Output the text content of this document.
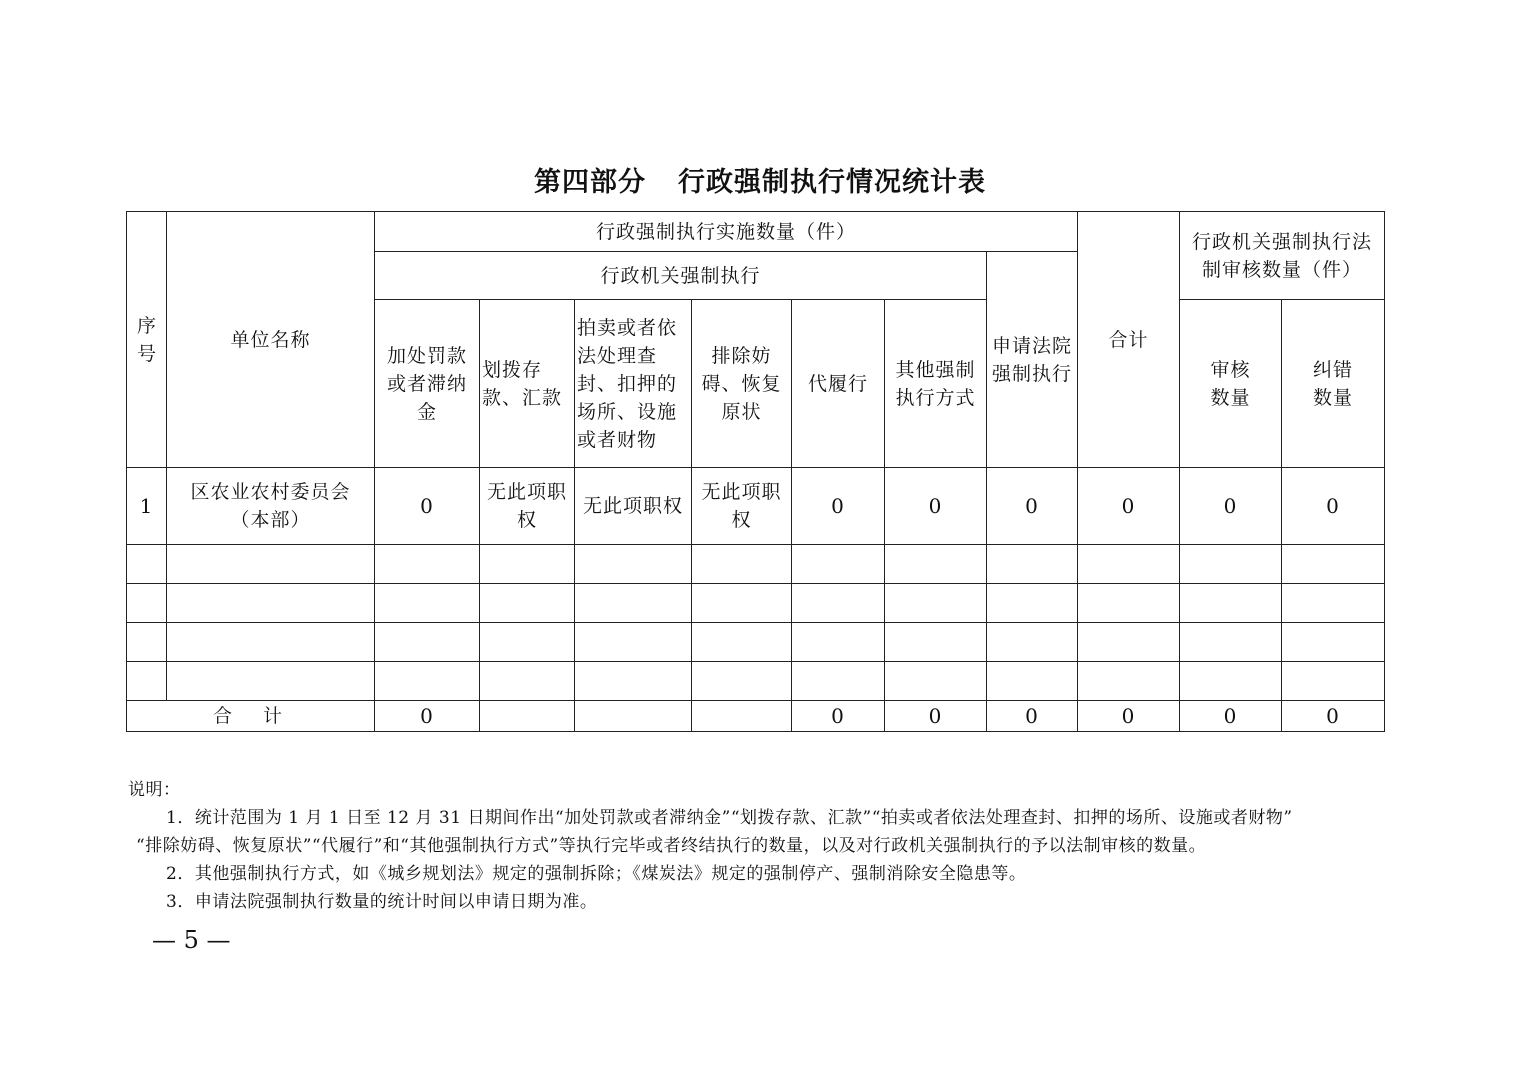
第四部分 行政强制执行情况统计表
序号	单位名称	行政强制执行实施数量（件）							合计	行政机关强制执行法制审核数量（件）	
		行政机关强制执行						申请法院强制执行			
		加处罚款或者滞纳金	划拨存款、汇款	拍卖或者依法处理查封、扣押的场所、设施或者财物	排除妨碍、恢复原状	代履行	其他强制执行方式			审核数量	纠错数量
1	区农业农村委员会（本部）	0	无此项职权	无此项职权	无此项职权	0	0	0	0	0	0

合　计		0				0	0	0	0	0	0
说明：
1．统计范围为 1 月 1 日至 12 月 31 日期间作出“加处罚款或者滞纳金”“划拨存款、汇款”“拍卖或者依法处理查封、扣押的场所、设施或者财物”
“排除妨碍、恢复原状”“代履行”和“其他强制执行方式”等执行完毕或者终结执行的数量，以及对行政机关强制执行的予以法制审核的数量。
2．其他强制执行方式，如《城乡规划法》规定的强制拆除；《煤炭法》规定的强制停产、强制消除安全隐患等。
3．申请法院强制执行数量的统计时间以申请日期为准。
— 5 —
